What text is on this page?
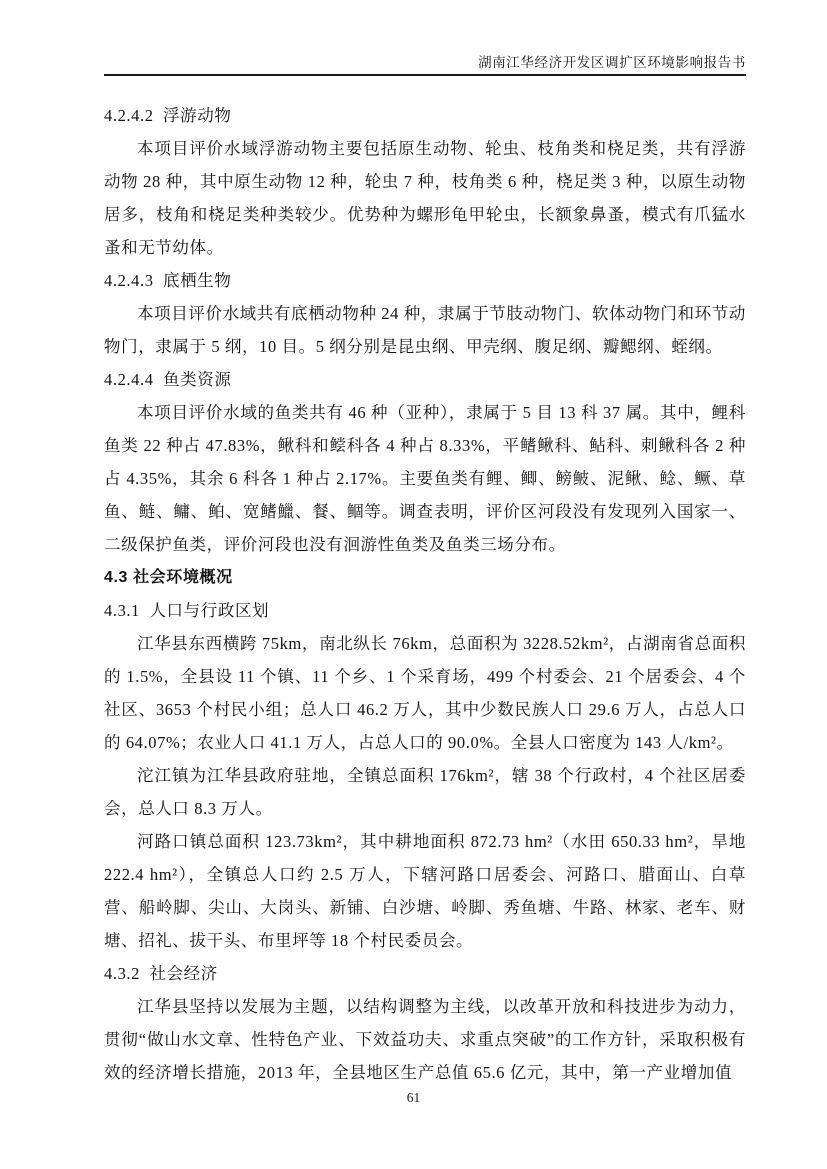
湖南江华经济开发区调扩区环境影响报告书
4.2.4.2  浮游动物

本项目评价水域浮游动物主要包括原生动物、轮虫、枝角类和桡足类，共有浮游动物 28 种，其中原生动物 12 种，轮虫 7 种，枝角类 6 种，桡足类 3 种，以原生动物居多，枝角和桡足类种类较少。优势种为螺形龟甲轮虫，长额象鼻蚤，模式有爪猛水蚤和无节幼体。

4.2.4.3  底栖生物

本项目评价水域共有底栖动物种 24 种，隶属于节肢动物门、软体动物门和环节动物门，隶属于 5 纲，10 目。5 纲分别是昆虫纲、甲壳纲、腹足纲、瓣鳃纲、蛭纲。

4.2.4.4  鱼类资源

本项目评价水域的鱼类共有 46 种（亚种），隶属于 5 目 13 科 37 属。其中，鲤科鱼类 22 种占 47.83%，鳅科和鲿科各 4 种占 8.33%，平鳍鳅科、鲇科、刺鳅科各 2 种占 4.35%，其余 6 科各 1 种占 2.17%。主要鱼类有鲤、鲫、鳑鲏、泥鳅、鲶、鳜、草鱼、鲢、鳙、鲌、宽鳍鱲、餐、鲴等。调查表明，评价区河段没有发现列入国家一、二级保护鱼类，评价河段也没有洄游性鱼类及鱼类三场分布。

4.3 社会环境概况
4.3.1  人口与行政区划

江华县东西横跨 75km，南北纵长 76km，总面积为 3228.52km²，占湖南省总面积的 1.5%，全县设 11 个镇、11 个乡、1 个采育场，499 个村委会、21 个居委会、4 个社区、3653 个村民小组；总人口 46.2 万人，其中少数民族人口 29.6 万人，占总人口的 64.07%；农业人口 41.1 万人，占总人口的 90.0%。全县人口密度为 143 人/km²。

沱江镇为江华县政府驻地，全镇总面积 176km²，辖 38 个行政村，4 个社区居委会，总人口 8.3 万人。

河路口镇总面积 123.73km²，其中耕地面积 872.73 hm²（水田 650.33 hm²，旱地 222.4 hm²），全镇总人口约 2.5 万人，下辖河路口居委会、河路口、腊面山、白草营、船岭脚、尖山、大岗头、新铺、白沙塘、岭脚、秀鱼塘、牛路、林家、老车、财塘、招礼、拔干头、布里坪等 18 个村民委员会。

4.3.2  社会经济

江华县坚持以发展为主题，以结构调整为主线，以改革开放和科技进步为动力，贯彻“做山水文章、性特色产业、下效益功夫、求重点突破”的工作方针，采取积极有效的经济增长措施，2013 年，全县地区生产总值 65.6 亿元，其中，第一产业增加值

61
